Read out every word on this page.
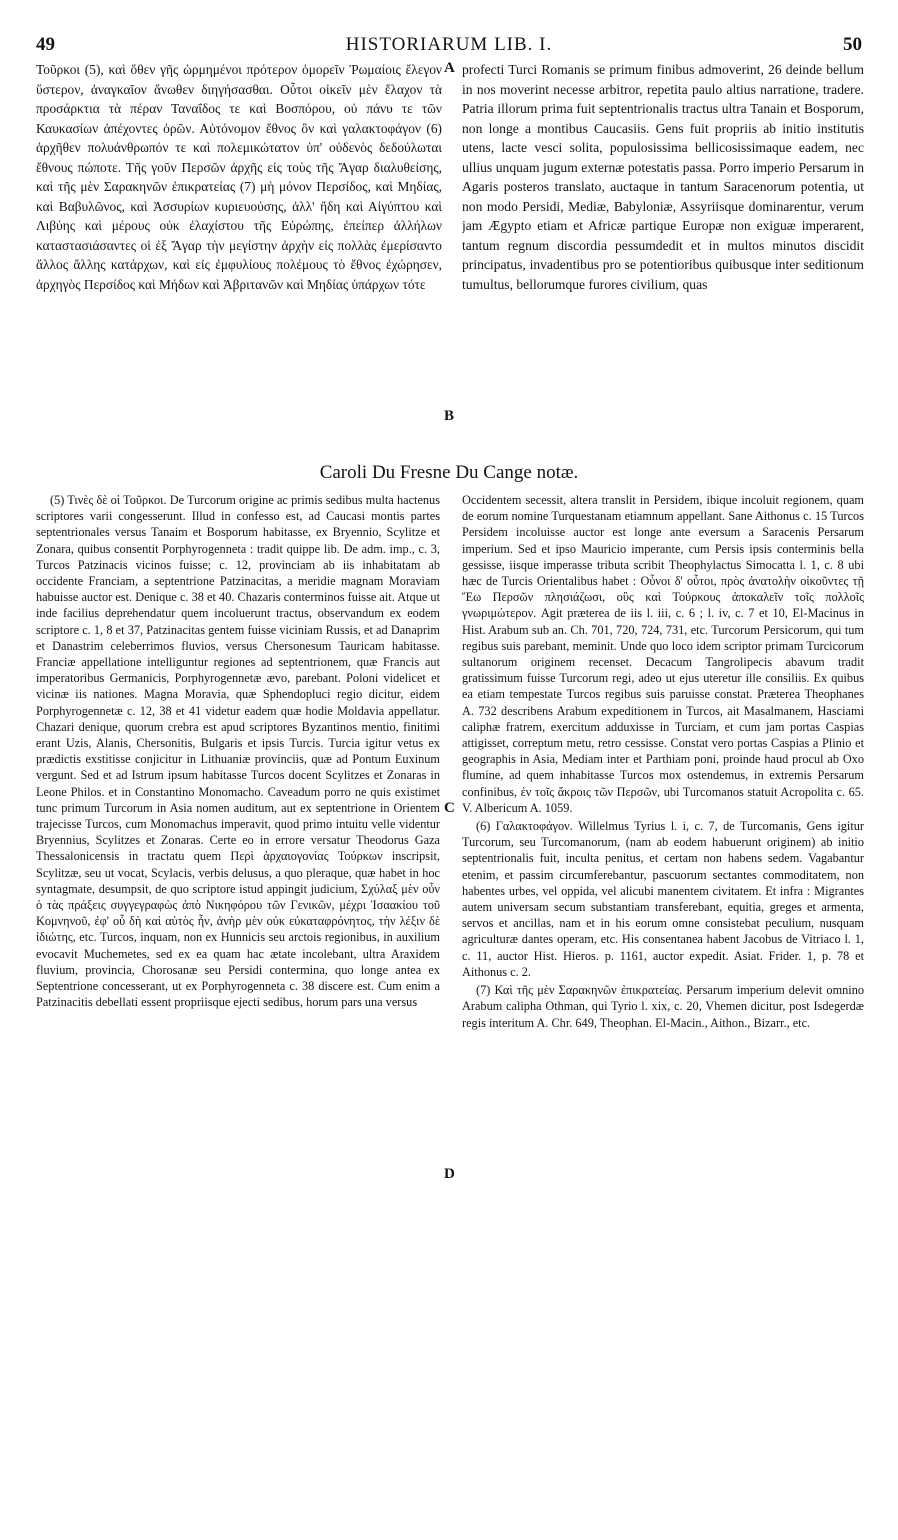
49	HISTORIARUM LIB. I.	50

Τοῦρκοι (5), καὶ ὅθεν γῆς ὡρμημένοι πρότερον ὁμορεῖν Ῥωμαίοις ἔλεγον ὕστερον, ἀναγκαῖον ἄνωθεν διηγήσασθαι. Οὗτοι οἰκεῖν μὲν ἔλαχον τὰ προσάρκτια τὰ πέραν Ταναΐδος τε καὶ Βοσπόρου, οὐ πάνυ τε τῶν Καυκασίων ἀπέχοντες ὀρῶν. Αὐτόνομον ἔθνος ὂν καὶ γαλακτοφάγον (6) ἀρχῆθεν πολυάνθρωπόν τε καὶ πολεμικώτατον ὑπ' οὐδενὸς δεδούλωται ἔθνους πώποτε. Τῆς γοῦν Περσῶν ἀρχῆς εἰς τοὺς τῆς Ἄγαρ διαλυθείσης, καὶ τῆς μὲν Σαρακηνῶν ἐπικρατείας (7) μὴ μόνον Περσίδος, καὶ Μηδίας, καὶ Βαβυλῶνος, καὶ Ἀσσυρίων κυριευούσης, ἀλλ' ἤδη καὶ Αἰγύπτου καὶ Λιβύης καὶ μέρους οὐκ ἐλαχίστου τῆς Εὐρώπης, ἐπείπερ ἀλλήλων καταστασιάσαντες οἱ ἐξ Ἄγαρ τὴν μεγίστην ἀρχὴν εἰς πολλὰς ἐμερίσαντο ἄλλος ἄλλης κατάρχων, καὶ εἰς ἐμφυλίους πολέμους τὸ ἔθνος ἐχώρησεν, ἀρχηγὸς Περσίδος καὶ Μήδων καὶ Ἀβριτανῶν καὶ Μηδίας ὑπάρχων τότε

A
B

profecti Turci Romanis se primum finibus admoverint, 26 deinde bellum in nos moverint necesse arbitror, repetita paulo altius narratione, tradere. Patria illorum prima fuit septentrionalis tractus ultra Tanain et Bosporum, non longe a montibus Caucasiis. Gens fuit propriis ab initio institutis utens, lacte vesci solita, populosissima bellicosissimaque eadem, nec ullius unquam jugum externæ potestatis passa. Porro imperio Persarum in Agaris posteros translato, auctaque in tantum Saracenorum potentia, ut non modo Persidi, Mediæ, Babyloniæ, Assyriisque dominarentur, verum jam Ægypto etiam et Africæ partique Europæ non exiguæ imperarent, tantum regnum discordia pessumdedit et in multos minutos discidit principatus, invadentibus pro se potentioribus quibusque inter seditionum tumultus, bellorumque furores civilium, quas

Caroli Du Fresne Du Cange notæ.

(5) Τινὲς δὲ οἱ Τοῦρκοι. De Turcorum origine ac primis sedibus multa hactenus scriptores varii congesserunt. Illud in confesso est, ad Caucasi montis partes septentrionales versus Tanaim et Bosporum habitasse, ex Bryennio, Scylitze et Zonara, quibus consentit Porphyrogenneta : tradit quippe lib. De adm. imp., c. 3, Turcos Patzinacis vicinos fuisse; c. 12, provinciam ab iis inhabitatam ab occidente Franciam, a septentrione Patzinacitas, a meridie magnam Moraviam habuisse auctor est. Denique c. 38 et 40. Chazaris conterminos fuisse ait. Atque ut inde facilius deprehendatur quem incoluerunt tractus, observandum ex eodem scriptore c. 1, 8 et 37, Patzinacitas gentem fuisse viciniam Russis, et ad Danaprim et Danastrim celeberrimos fluvios, versus Chersonesum Tauricam habitasse. Franciæ appellatione intelliguntur regiones ad septentrionem, quæ Francis aut imperatoribus Germanicis, Porphyrogennetæ ævo, parebant. Poloni videlicet et vicinæ iis nationes. Magna Moravia, quæ Sphendopluci regio dicitur, eidem Porphyrogennetæ c. 12, 38 et 41 videtur eadem quæ hodie Moldavia appellatur. Chazari denique, quorum crebra est apud scriptores Byzantinos mentio, finitimi erant Uzis, Alanis, Chersonitis, Bulgaris et ipsis Turcis. Turcia igitur vetus ex prædictis exstitisse conjicitur in Lithuaniæ provinciis, quæ ad Pontum Euxinum vergunt. Sed et ad Istrum ipsum habitasse Turcos docent Scylitzes et Zonaras in Leone Philos. et in Constantino Monomacho. Caveadum porro ne quis existimet tunc primum Turcorum in Asia nomen auditum, aut ex septentrione in Orientem trajecisse Turcos, cum Monomachus imperavit, quod primo intuitu velle videntur Bryennius, Scylitzes et Zonaras. Certe eo in errore versatur Theodorus Gaza Thessalonicensis in tractatu quem Περὶ ἀρχαιογονίας Τούρκων inscripsit, Scylitzæ, seu ut vocat, Scylacis, verbis delusus, a quo pleraque, quæ habet in hoc syntagmate, desumpsit, de quo scriptore istud appingit judicium, Σχύλαξ μὲν οὖν ὁ τὰς πράξεις συγγεγραφὼς ἀπὸ Νικηφόρου τῶν Γενικῶν, μέχρι Ἰσαακίου τοῦ Κομνηνοῦ, ἐφ' οὗ δὴ καὶ αὐτὸς ἦν, ἀνὴρ μὲν οὐκ εὐκαταφρόνητος, τὴν λέξιν δὲ ἰδιώτης, etc. Turcos, inquam, non ex Hunnicis seu arctois regionibus, in auxilium evocavit Muchemetes, sed ex ea quam hac ætate incolebant, ultra Araxidem fluvium, provincia, Chorosanæ seu Persidi contermina, quo longe antea ex Septentrione concesserant, ut ex Porphyrogenneta c. 38 discere est. Cum enim a Patzinacitis debellati essent propriisque ejecti sedibus, horum pars una versus

C
D

Occidentem secessit, altera translit in Persidem, ibique incoluit regionem, quam de eorum nomine Turquestanam etiamnum appellant. Sane Aithonus c. 15 Turcos Persidem incoluisse auctor est longe ante eversum a Saracenis Persarum imperium. Sed et ipso Mauricio imperante, cum Persis ipsis conterminis bella gessisse, iisque imperasse tributa scribit Theophylactus Simocatta l. 1, c. 8 ubi hæc de Turcis Orientalibus habet : Οὗνοι δ' οὗτοι, πρὸς ἀνατολὴν οἰκοῦντες τῇ Ἕω Περσῶν πλησιάζωσι, οὓς καὶ Τούρκους ἀποκαλεῖν τοῖς πολλοῖς γνωριμώτερον. Agit præterea de iis l. iii, c. 6 ; l. iv, c. 7 et 10, El-Macinus in Hist. Arabum sub an. Ch. 701, 720, 724, 731, etc. Turcorum Persicorum, qui tum regibus suis parebant, meminit. Unde quo loco idem scriptor primam Turcicorum sultanorum originem recenset. Decacum Tangrolipecis abavum tradit gratissimum fuisse Turcorum regi, adeo ut ejus uteretur ille consiliis. Ex quibus ea etiam tempestate Turcos regibus suis paruisse constat. Præterea Theophanes A. 732 describens Arabum expeditionem in Turcos, ait Masalmanem, Hasciami caliphæ fratrem, exercitum adduxisse in Turciam, et cum jam portas Caspias attigisset, correptum metu, retro cessisse. Constat vero portas Caspias a Plinio et geographis in Asia, Mediam inter et Parthiam poni, proinde haud procul ab Oxo flumine, ad quem inhabitasse Turcos mox ostendemus, in extremis Persarum confinibus, ἐν τοῖς ἄκροις τῶν Περσῶν, ubi Turcomanos statuit Acropolita c. 65. V. Albericum A. 1059.

(6) Γαλακτοφάγον. Willelmus Tyrius l. i, c. 7, de Turcomanis, Gens igitur Turcorum, seu Turcomanorum, (nam ab eodem habuerunt originem) ab initio septentrionalis fuit, inculta penitus, et certam non habens sedem. Vagabantur etenim, et passim circumferebantur, pascuorum sectantes commoditatem, non habentes urbes, vel oppida, vel alicubi manentem civitatem. Et infra : Migrantes autem universam secum substantiam transferebant, equitia, greges et armenta, servos et ancillas, nam et in his eorum omne consistebat peculium, nusquam agriculturæ dantes operam, etc. His consentanea habent Jacobus de Vitriaco l. 1, c. 11, auctor Hist. Hieros. p. 1161, auctor expedit. Asiat. Frider. 1, p. 78 et Aithonus c. 2.

(7) Καὶ τῆς μὲν Σαρακηνῶν ἐπικρατείας. Persarum imperium delevit omnino Arabum calipha Othman, qui Tyrio l. xix, c. 20, Vhemen dicitur, post Isdegerdæ regis interitum A. Chr. 649, Theophan. El-Macin., Aithon., Bizarr., etc.
